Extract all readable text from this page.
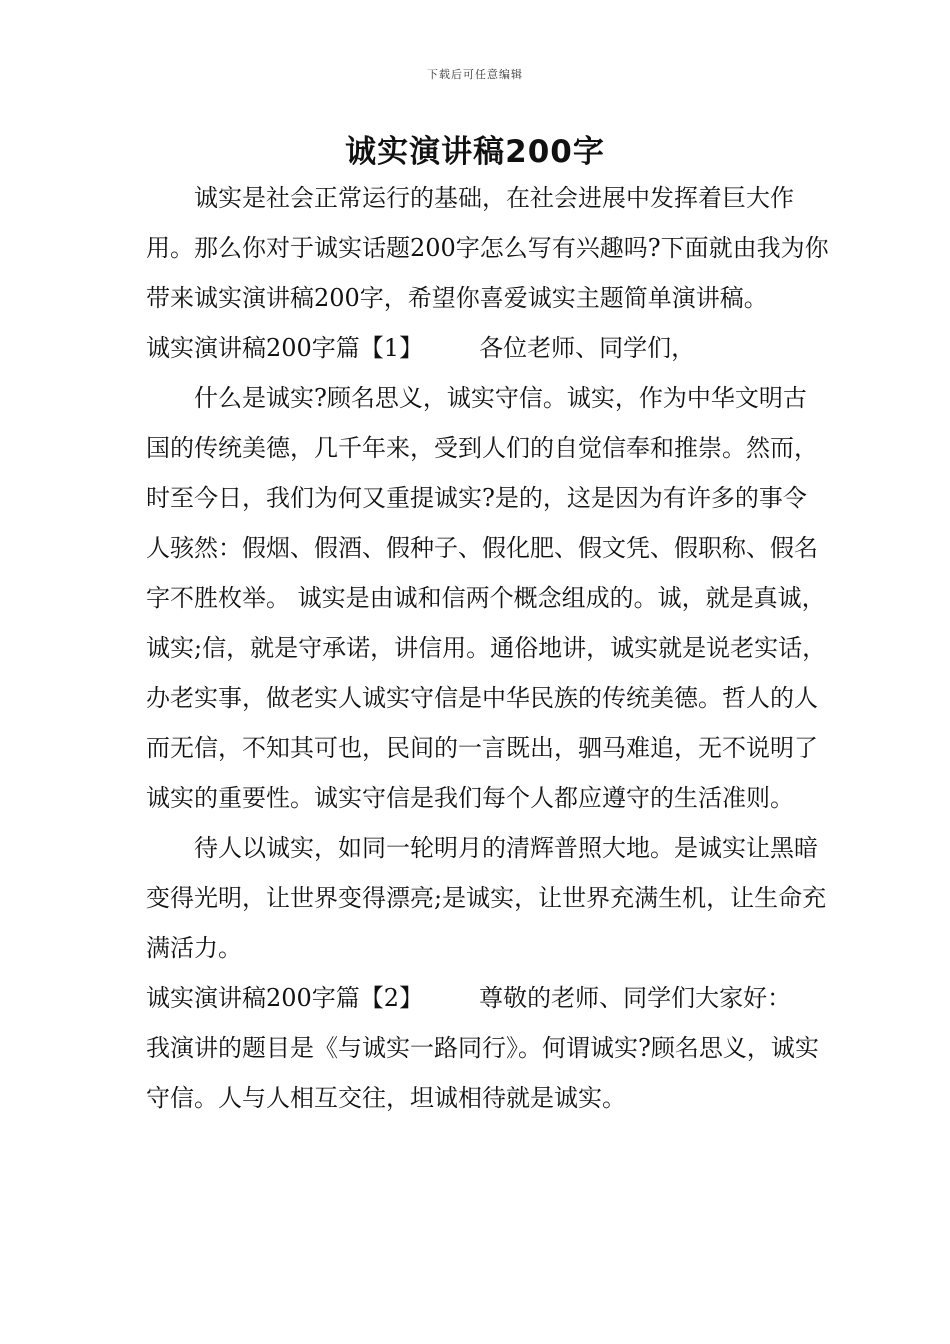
下载后可任意编辑
诚实演讲稿200字

诚实是社会正常运行的基础，在社会进展中发挥着巨大作用。那么你对于诚实话题200字怎么写有兴趣吗?下面就由我为你带来诚实演讲稿200字，希望你喜爱诚实主题简单演讲稿。

诚实演讲稿200字篇【1】 各位老师、同学们，

什么是诚实?顾名思义，诚实守信。诚实，作为中华文明古国的传统美德，几千年来，受到人们的自觉信奉和推崇。然而，时至今日，我们为何又重提诚实?是的，这是因为有许多的事令人骇然：假烟、假酒、假种子、假化肥、假文凭、假职称、假名字不胜枚举。 诚实是由诚和信两个概念组成的。诚，就是真诚，诚实;信，就是守承诺，讲信用。通俗地讲，诚实就是说老实话，办老实事，做老实人诚实守信是中华民族的传统美德。哲人的人而无信，不知其可也，民间的一言既出，驷马难追，无不说明了诚实的重要性。诚实守信是我们每个人都应遵守的生活准则。

待人以诚实，如同一轮明月的清辉普照大地。是诚实让黑暗变得光明，让世界变得漂亮;是诚实，让世界充满生机，让生命充满活力。

诚实演讲稿200字篇【2】 尊敬的老师、同学们大家好：

我演讲的题目是《与诚实一路同行》。何谓诚实?顾名思义，诚实守信。人与人相互交往，坦诚相待就是诚实。
